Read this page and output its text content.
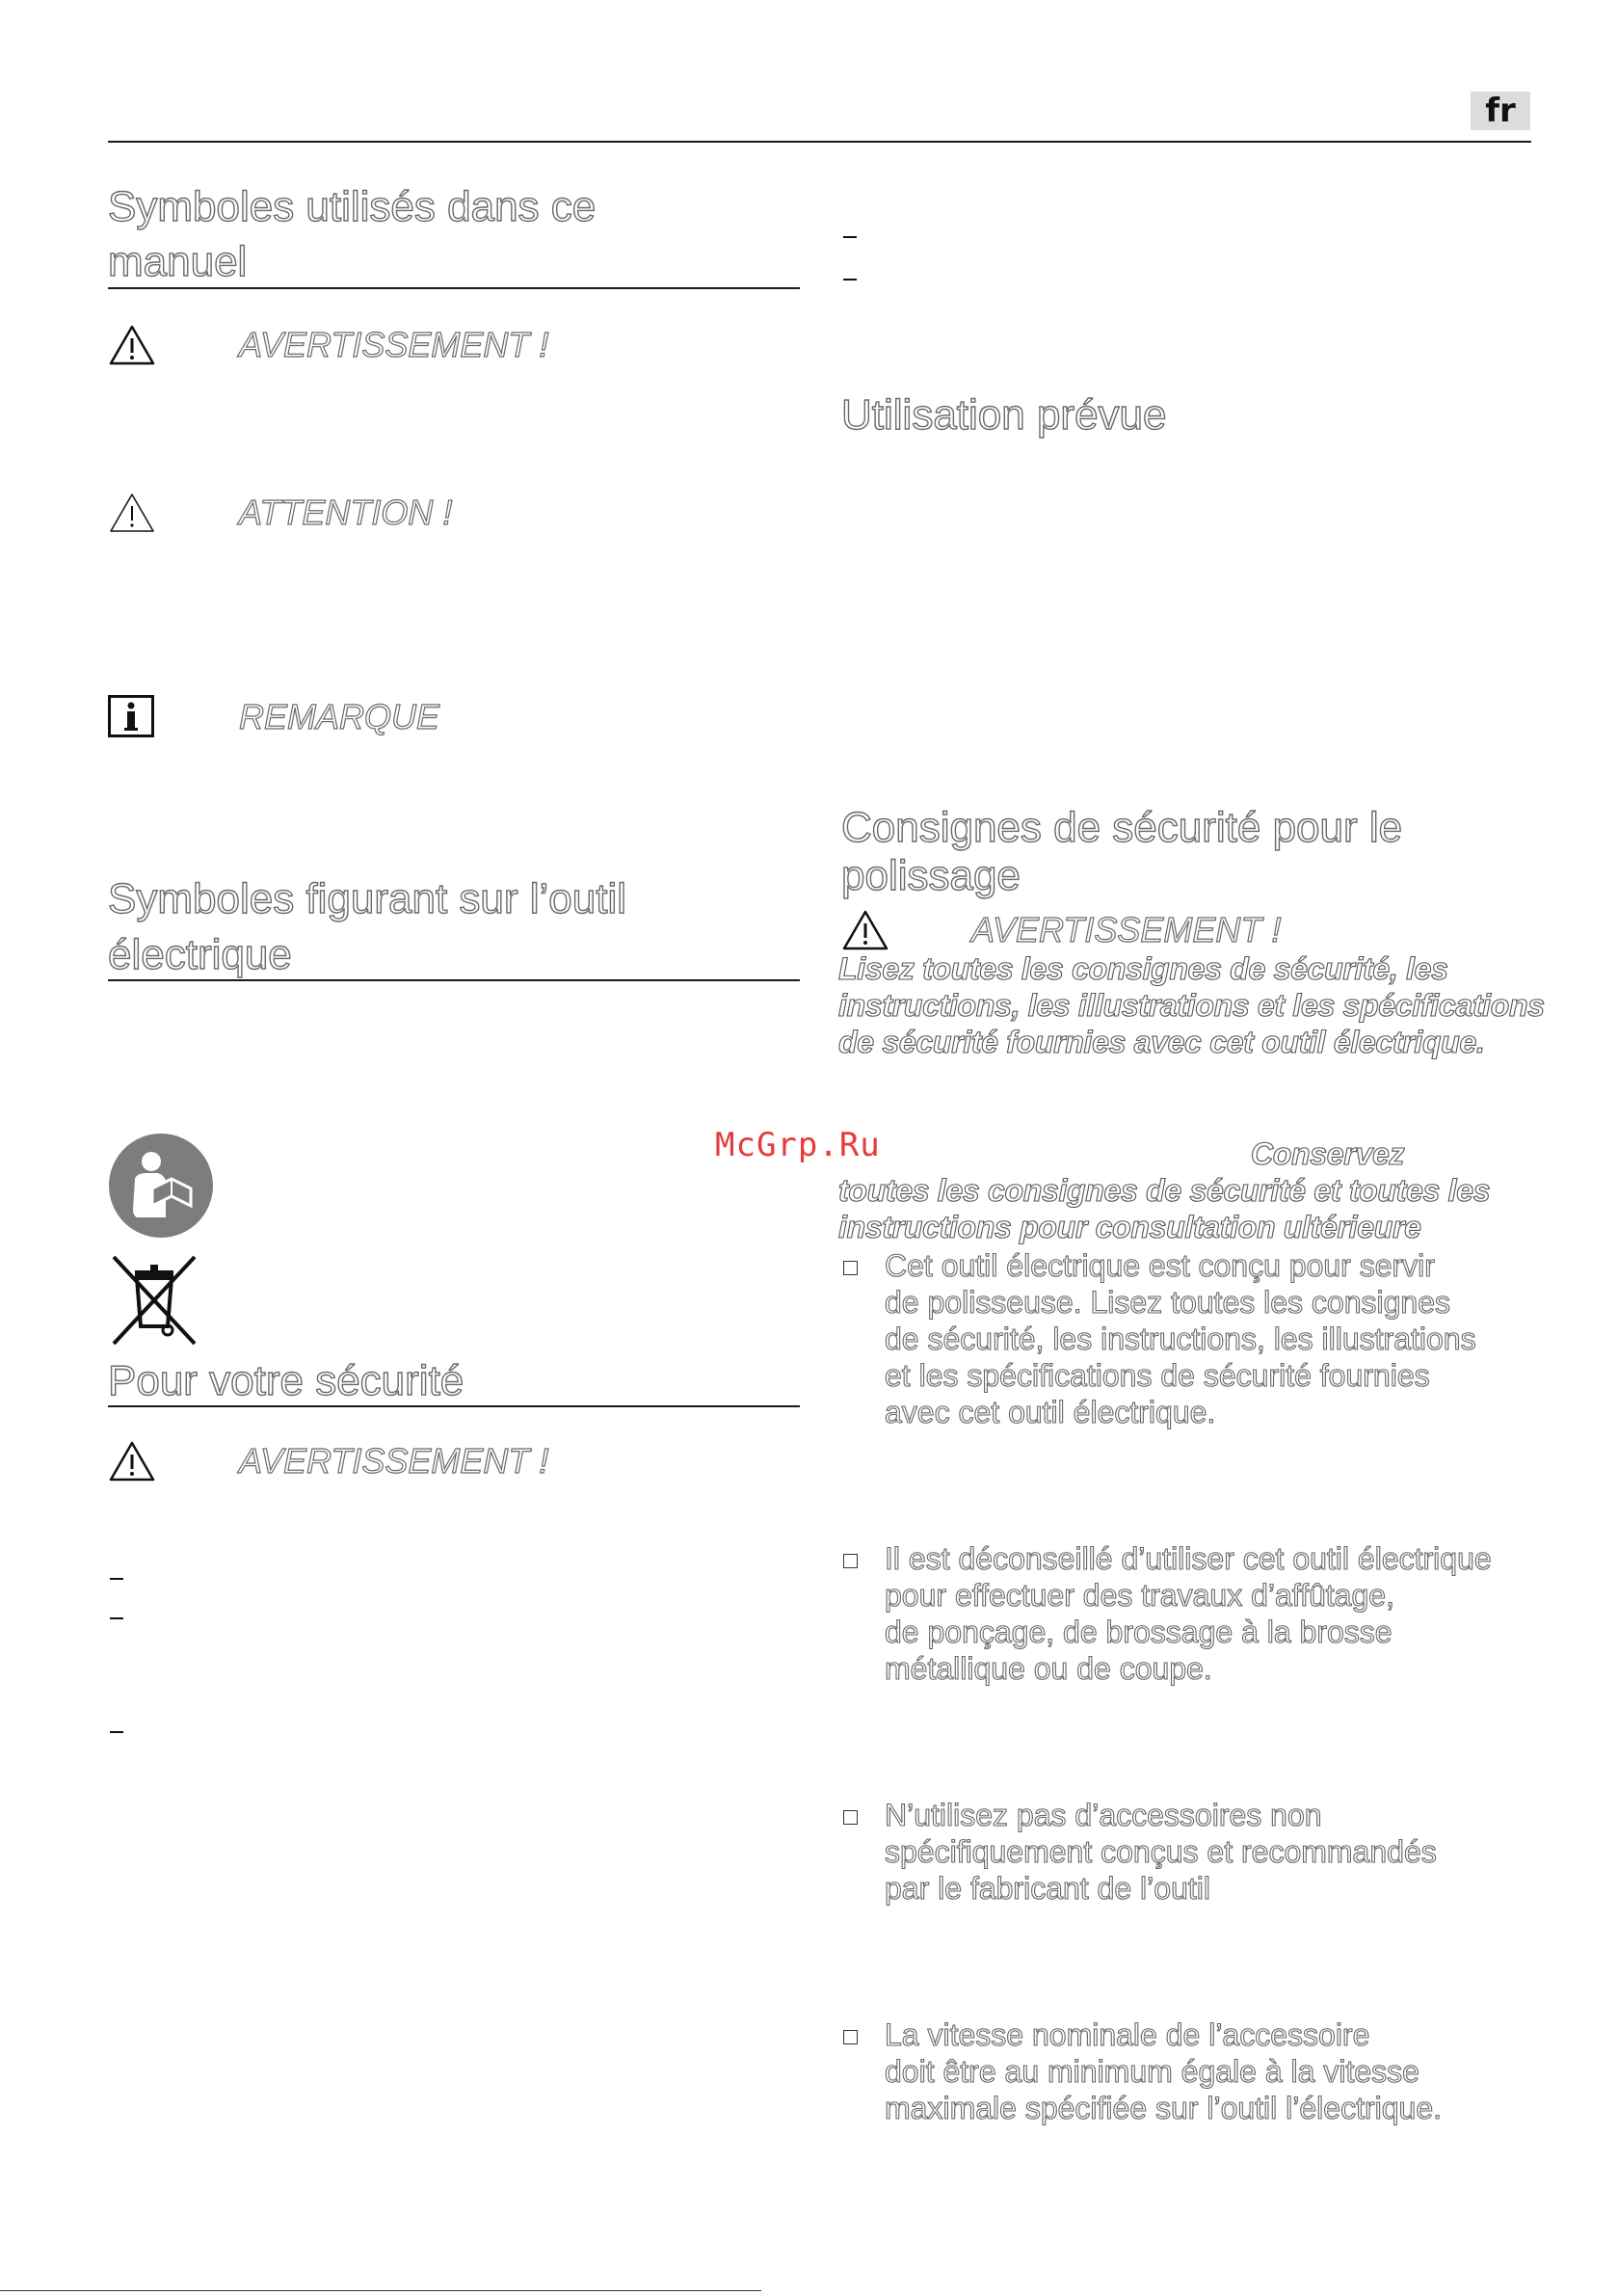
fr
Symboles utilisés dans ce
manuel
AVERTISSEMENT !
ATTENTION !
REMARQUE
Symboles figurant sur l’outil
électrique
Pour votre sécurité
AVERTISSEMENT !
Utilisation prévue
Consignes de sécurité pour le
polissage
AVERTISSEMENT !
Lisez toutes les consignes de sécurité, les
instructions, les illustrations et les spécifications
de sécurité fournies avec cet outil électrique.
McGrp.Ru	Conservez
toutes les consignes de sécurité et toutes les
instructions pour consultation ultérieure
Cet outil électrique est conçu pour servir
de polisseuse. Lisez toutes les consignes
de sécurité, les instructions, les illustrations
et les spécifications de sécurité fournies
avec cet outil électrique.
Il est déconseillé d’utiliser cet outil électrique
pour effectuer des travaux d’affûtage,
de ponçage, de brossage à la brosse
métallique ou de coupe.
N’utilisez pas d’accessoires non
spécifiquement conçus et recommandés
par le fabricant de l’outil
La vitesse nominale de l’accessoire
doit être au minimum égale à la vitesse
maximale spécifiée sur l’outil l’électrique.
